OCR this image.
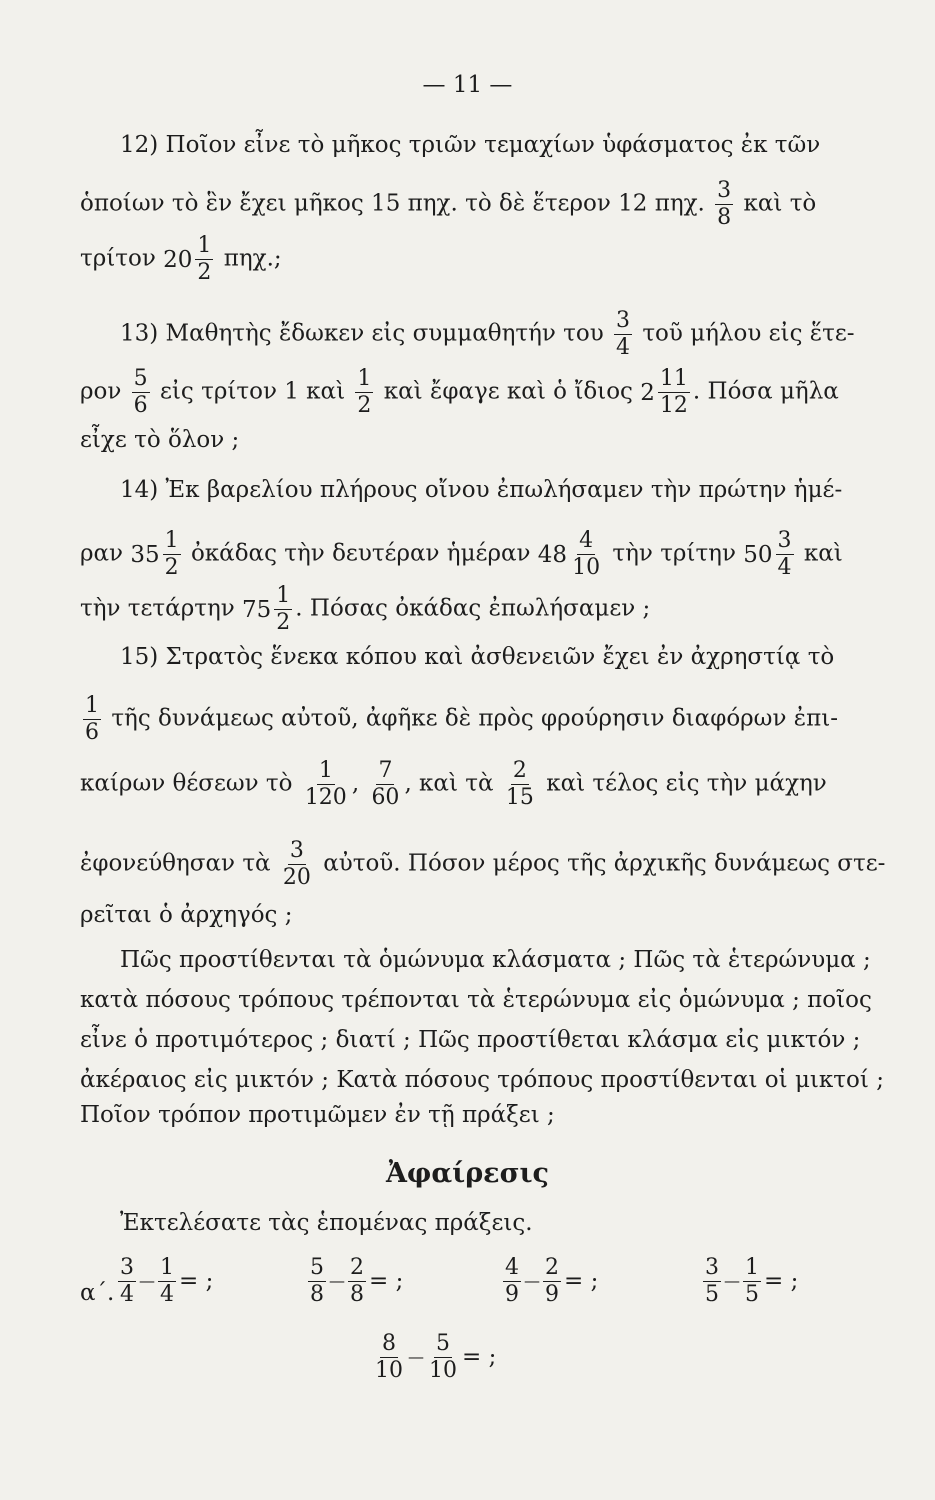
— 11 —
12) Ποῖον εἶνε τὸ μῆκος τριῶν τεμαχίων ὑφάσματος ἐκ τῶν
ὁποίων τὸ ἓν ἔχει μῆκος 15 πηχ. τὸ δὲ ἕτερον 12 πηχ. $\frac{3}{8}$ καὶ τὸ
τρίτον $20 \frac{1}{2} \pi\eta\chi$.;
13) Μαθητὴς ἔδωκεν εἰς συμμαθητήν του $\frac{3}{4}$ τοῦ μήλου εἰς ἕτε-
ρον $\frac{5}{6}$ εἰς τρίτον 1 καὶ $\frac{1}{2}$ καὶ ἔφαγε καὶ ὁ ἴδιος $2 \frac{11}{12}$ . Πόσα μῆλα
εἶχε τὸ ὅλον ;
14) Ἐκ βαρελίου πλήρους οἴνου ἐπωλήσαμεν τὴν πρώτην ἡμέ-
ραν $35 \frac{1}{2}$ ὀκάδας τὴν δευτέραν ἡμέραν $48 \frac{4}{10}$ τὴν τρίτην $50 \frac{3}{4}$ καὶ
τὴν τετάρτην $75 \frac{1}{2}$ . Πόσας ὀκάδας ἐπωλήσαμεν ;
15) Στρατὸς ἕνεκα κόπου καὶ ἀσθενειῶν ἔχει ἐν ἀχρηστίᾳ τὸ
$\frac{1}{6}$ τῆς δυνάμεως αὐτοῦ, ἀφῆκε δὲ πρὸς φρούρησιν διαφόρων ἐπι-
καίρων θέσεων τὸ $\frac{1}{120}$ , $\frac{7}{60}$ , καὶ τὰ $\frac{2}{15}$ καὶ τέλος εἰς τὴν μάχην
ἐφονεύθησαν τὰ $\frac{3}{20}$ αὐτοῦ. Πόσον μέρος τῆς ἀρχικῆς δυνάμεως στε-
ρεῖται ὁ ἀρχηγός ;
Πῶς προστίθενται τὰ ὁμώνυμα κλάσματα ; Πῶς τὰ ἑτερώνυμα ;
κατὰ πόσους τρόπους τρέπονται τὰ ἑτερώνυμα εἰς ὁμώνυμα ; ποῖος
εἶνε ὁ προτιμότερος ; διατί ; Πῶς προστίθεται κλάσμα εἰς μικτόν ;
ἀκέραιος εἰς μικτόν ; Κατὰ πόσους τρόπους προστίθενται οἱ μικτοί ;
Ποῖον τρόπον προτιμῶμεν ἐν τῇ πράξει ;
Ἀφαίρεσις
Ἐκτελέσατε τὰς ἑπομένας πράξεις.
α΄. $\frac{3}{4}$ — $\frac{1}{4}$ = ;	$\frac{5}{8}$ — $\frac{2}{8}$ = ;	$\frac{4}{9}$ — $\frac{2}{9}$ = ;	$\frac{3}{5}$ — $\frac{1}{5}$ = ;
$\frac{8}{10}$ — $\frac{5}{10}$ = ;
